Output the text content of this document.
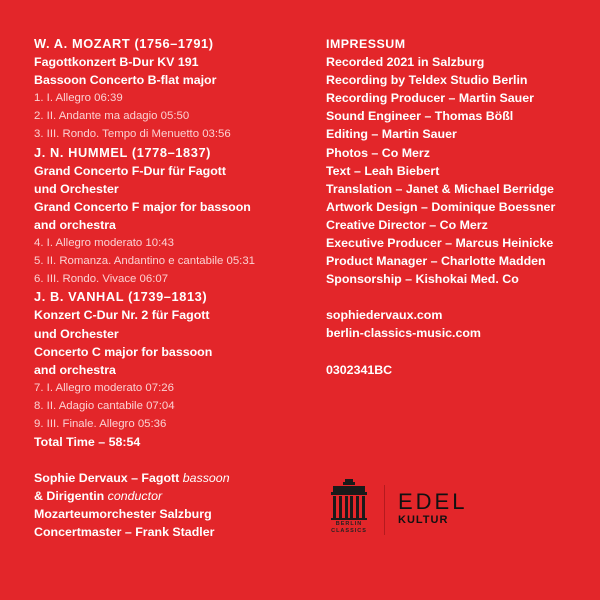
W. A. MOZART (1756–1791)
Fagottkonzert B-Dur KV 191
Bassoon Concerto B-flat major
1. I. Allegro 06:39
2. II. Andante ma adagio 05:50
3. III. Rondo. Tempo di Menuetto 03:56
J. N. HUMMEL (1778–1837)
Grand Concerto F-Dur für Fagott
und Orchester
Grand Concerto F major for bassoon
and orchestra
4. I. Allegro moderato 10:43
5. II. Romanza. Andantino e cantabile 05:31
6. III. Rondo. Vivace 06:07
J. B. VANHAL (1739–1813)
Konzert C-Dur Nr. 2 für Fagott
und Orchester
Concerto C major for bassoon
and orchestra
7. I. Allegro moderato 07:26
8. II. Adagio cantabile 07:04
9. III. Finale. Allegro 05:36
Total Time – 58:54
Sophie Dervaux – Fagott bassoon
& Dirigentin conductor
Mozarteumorchester Salzburg
Concertmaster – Frank Stadler
IMPRESSUM
Recorded 2021 in Salzburg
Recording by Teldex Studio Berlin
Recording Producer – Martin Sauer
Sound Engineer – Thomas Bößl
Editing – Martin Sauer
Photos – Co Merz
Text – Leah Biebert
Translation – Janet & Michael Berridge
Artwork Design – Dominique Boessner
Creative Director – Co Merz
Executive Producer – Marcus Heinicke
Product Manager – Charlotte Madden
Sponsorship – Kishokai Med. Co
sophiedervaux.com
berlin-classics-music.com
0302341BC
BERLIN
CLASSICS
EDEL
KULTUR
